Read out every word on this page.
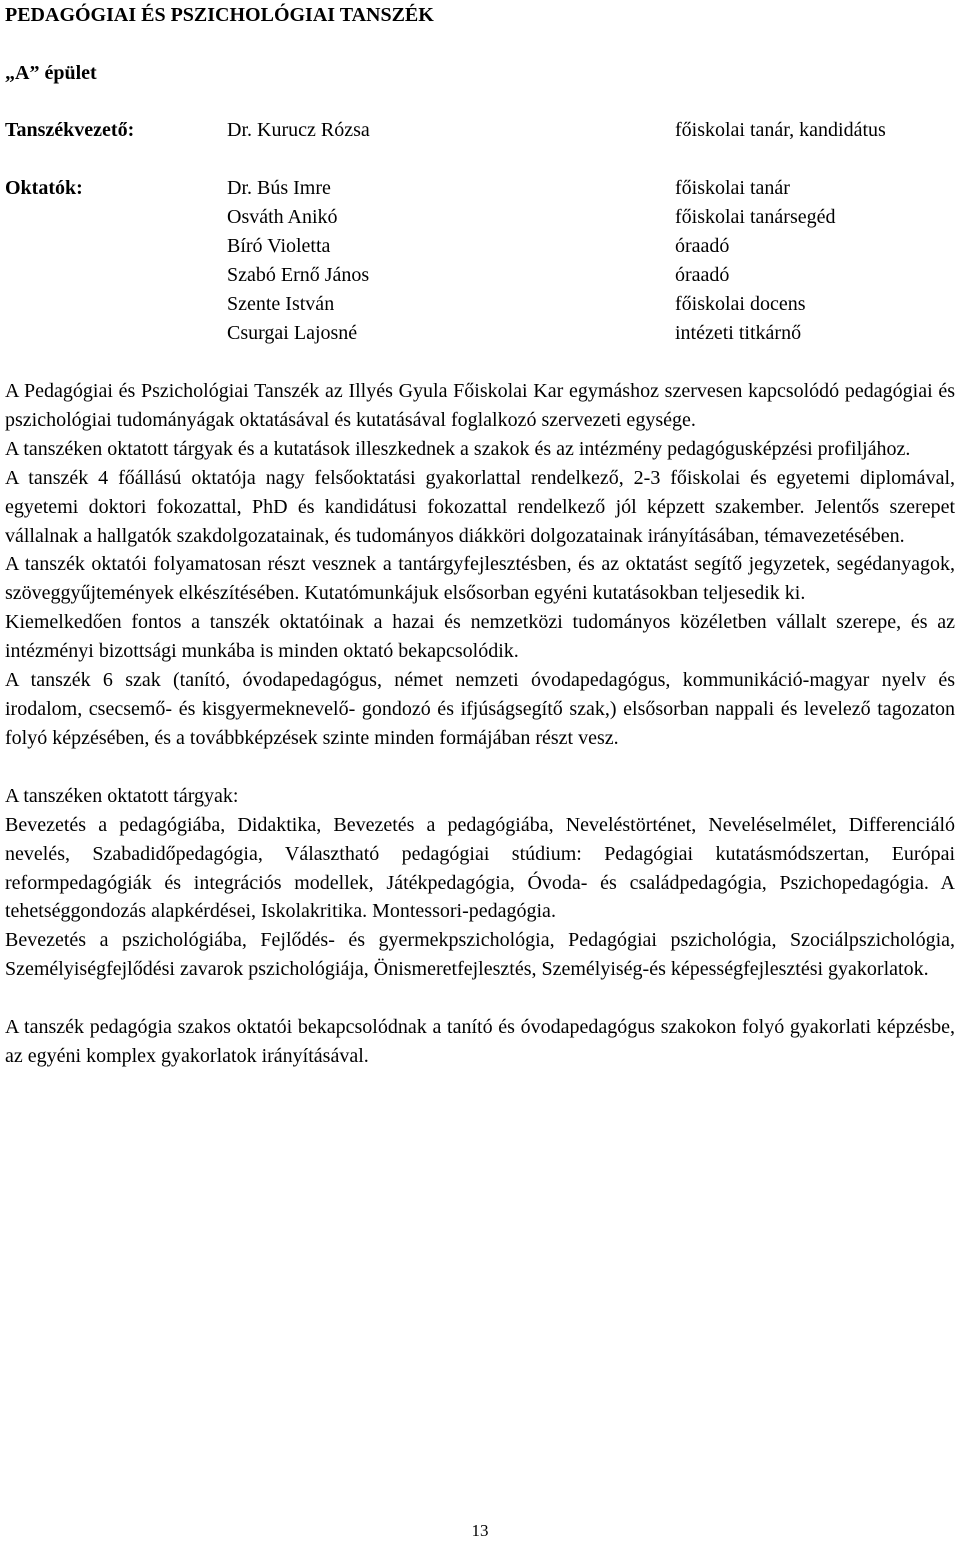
PEDAGÓGIAI ÉS PSZICHOLÓGIAI TANSZÉK
„A” épület
Tanszékvezető:	Dr. Kurucz Rózsa	főiskolai tanár, kandidátus
Oktatók:	Dr. Bús Imre	főiskolai tanár
Osváth Anikó	főiskolai tanársegéd
Bíró Violetta	óraadó
Szabó Ernő János	óraadó
Szente István	főiskolai docens
Csurgai Lajosné	intézeti titkárnő

A Pedagógiai és Pszichológiai Tanszék az Illyés Gyula Főiskolai Kar egymáshoz szervesen kapcsolódó pedagógiai és pszichológiai tudományágak oktatásával és kutatásával foglalkozó szervezeti egysége.

A tanszéken oktatott tárgyak és a kutatások illeszkednek a szakok és az intézmény pedagógusképzési profiljához.

A tanszék 4 főállású oktatója nagy felsőoktatási gyakorlattal rendelkező, 2-3 főiskolai és egyetemi diplomával, egyetemi doktori fokozattal, PhD és kandidátusi fokozattal rendelkező jól képzett szakember. Jelentős szerepet vállalnak a hallgatók szakdolgozatainak, és tudományos diákköri dolgozatainak irányításában, témavezetésében.

A tanszék oktatói folyamatosan részt vesznek a tantárgyfejlesztésben, és az oktatást segítő jegyzetek, segédanyagok, szöveggyűjtemények elkészítésében. Kutatómunkájuk elsősorban egyéni kutatásokban teljesedik ki.

Kiemelkedően fontos a tanszék oktatóinak a hazai és nemzetközi tudományos közéletben vállalt szerepe, és az intézményi bizottsági munkába is minden oktató bekapcsolódik.

A tanszék 6 szak (tanító, óvodapedagógus, német nemzeti óvodapedagógus, kommunikáció-magyar nyelv és irodalom, csecsemő- és kisgyermeknevelő- gondozó és ifjúságsegítő szak,) elsősorban nappali és levelező tagozaton folyó képzésében, és a továbbképzések szinte minden formájában részt vesz.

A tanszéken oktatott tárgyak:

Bevezetés a pedagógiába, Didaktika, Bevezetés a pedagógiába, Neveléstörténet, Neveléselmélet, Differenciáló nevelés, Szabadidőpedagógia, Választható pedagógiai stúdium: Pedagógiai kutatásmódszertan, Európai reformpedagógiák és integrációs modellek, Játékpedagógia, Óvoda- és családpedagógia, Pszichopedagógia. A tehetséggondozás alapkérdései, Iskolakritika. Montessori-pedagógia.

Bevezetés a pszichológiába, Fejlődés- és gyermekpszichológia, Pedagógiai pszichológia, Szociálpszichológia, Személyiségfejlődési zavarok pszichológiája, Önismeretfejlesztés, Személyiség-és képességfejlesztési gyakorlatok.

A tanszék pedagógia szakos oktatói bekapcsolódnak a tanító és óvodapedagógus szakokon folyó gyakorlati képzésbe, az egyéni komplex gyakorlatok irányításával.

13
